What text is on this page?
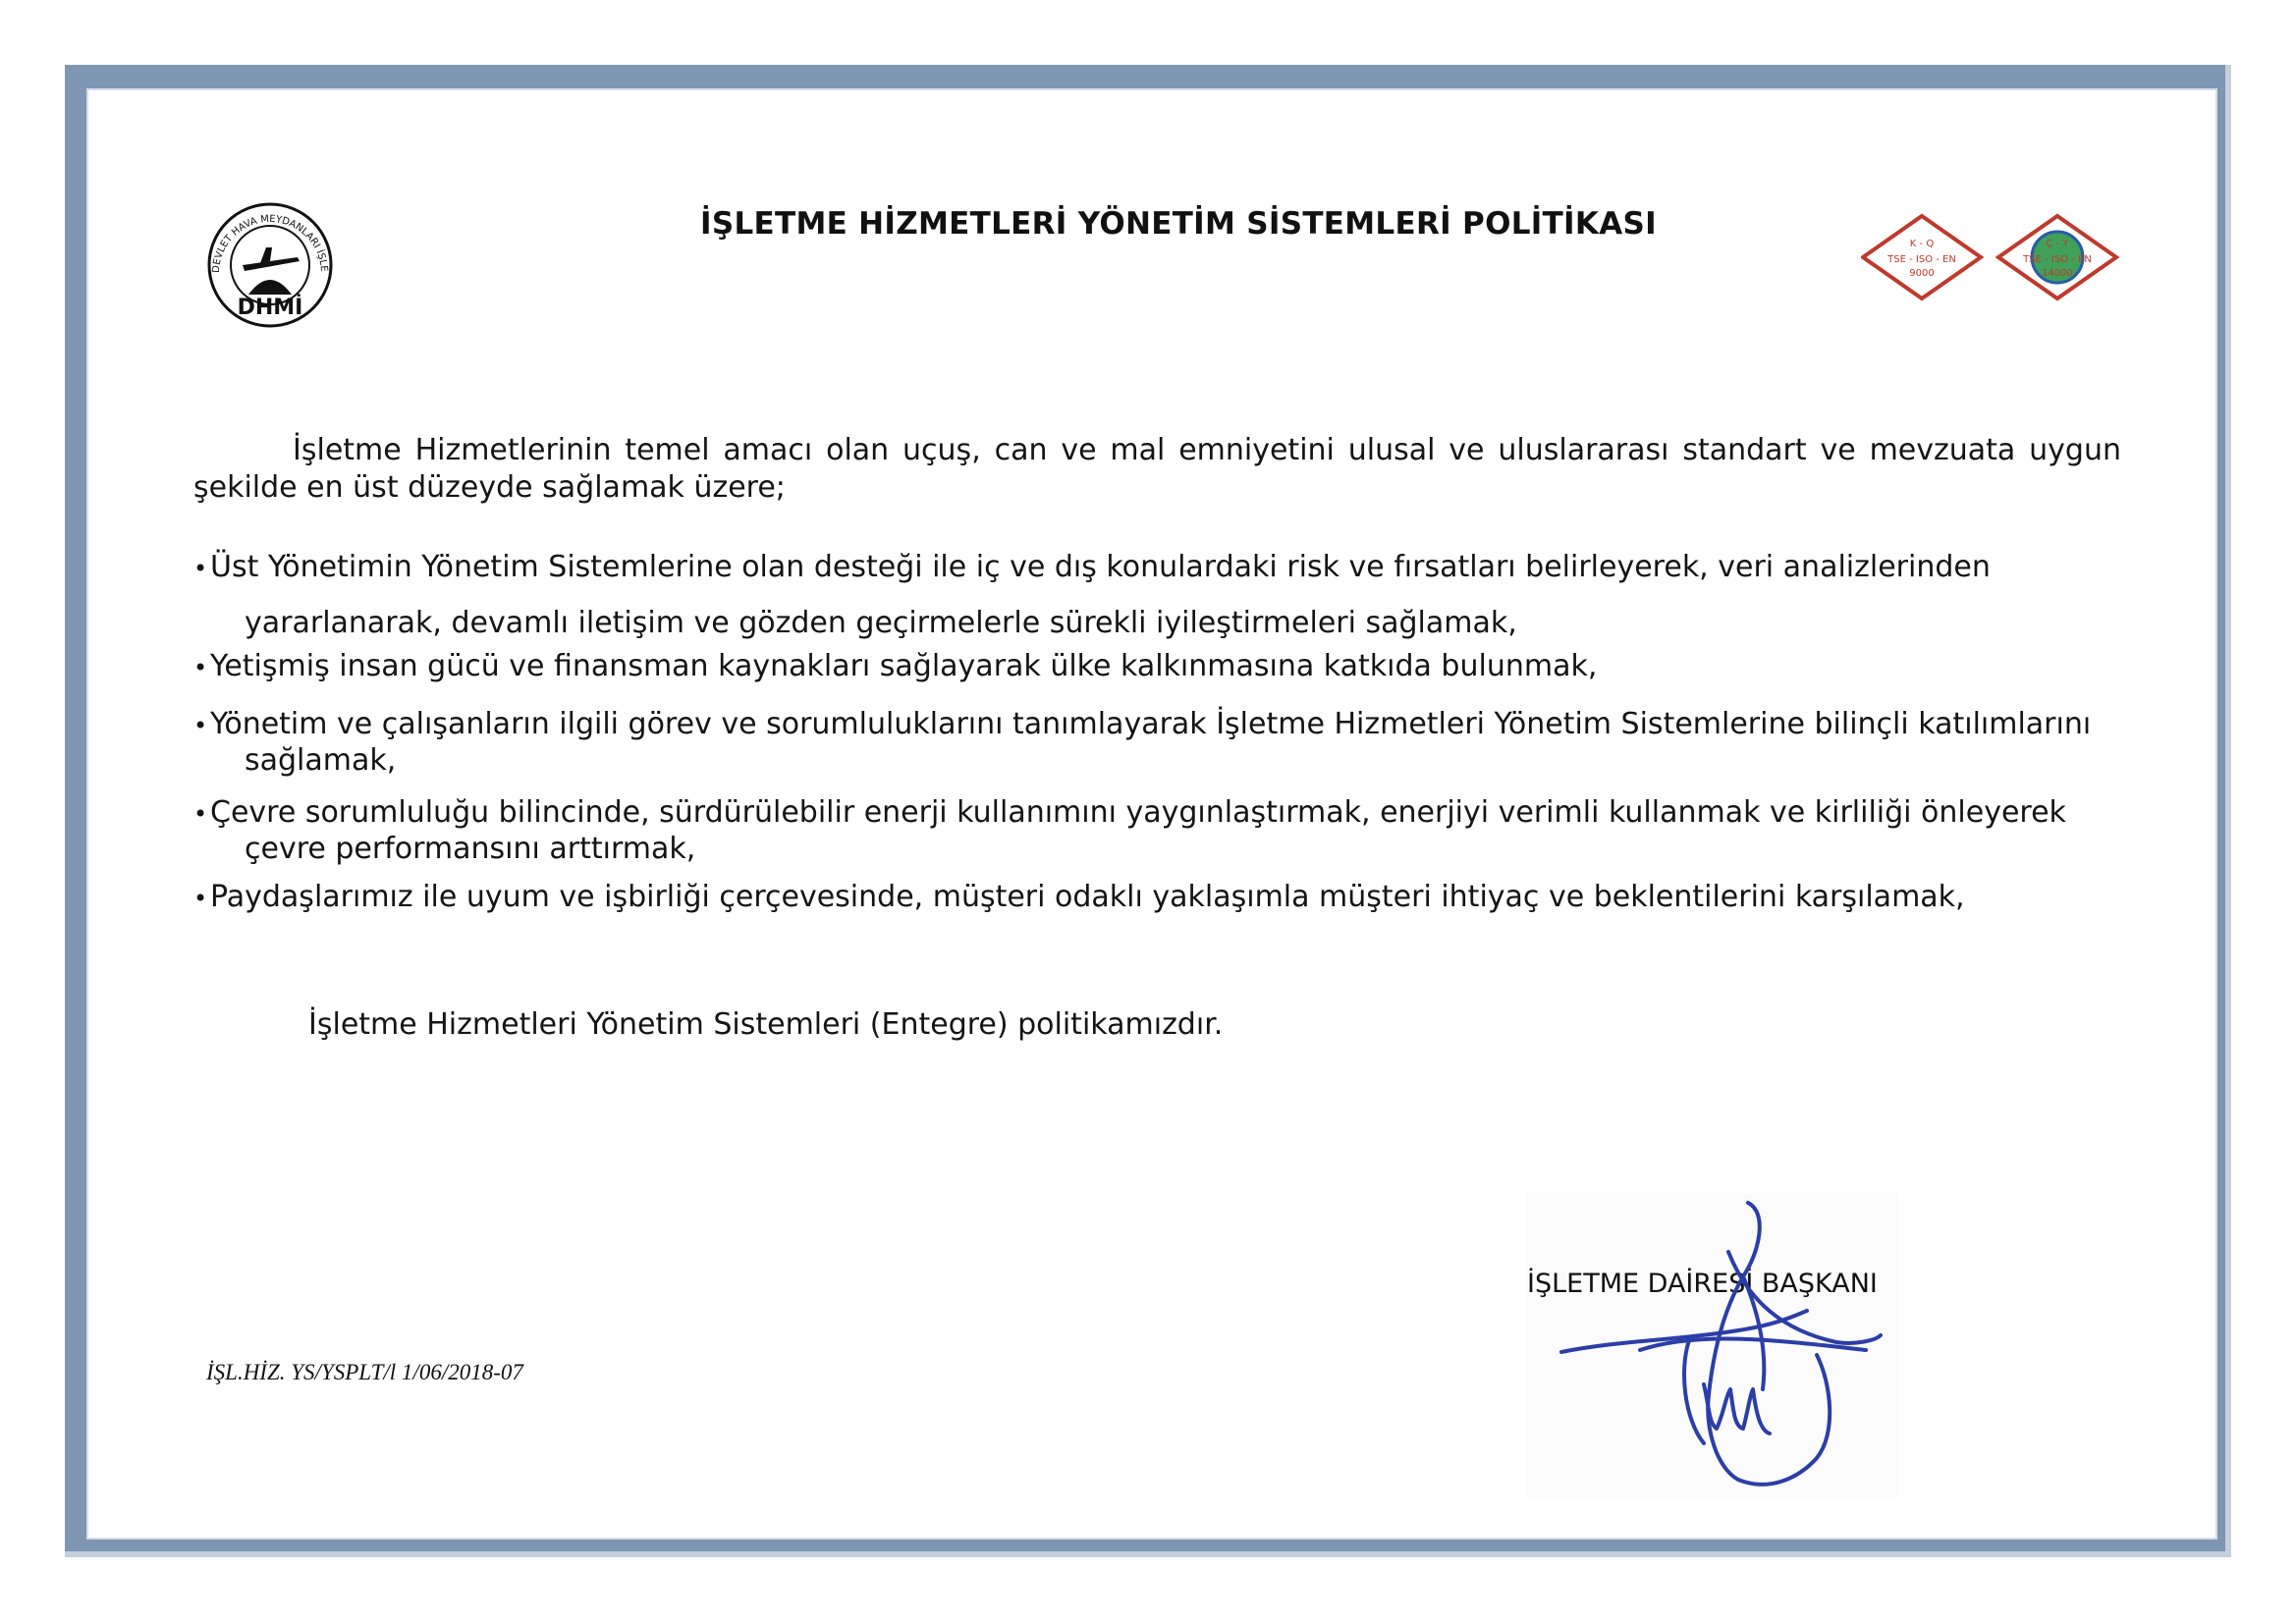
DEVLET HAVA MEYDANLARI İŞLE
DHMİ
İŞLETME HİZMETLERİ YÖNETİM SİSTEMLERİ POLİTİKASI
K - Q
TSE - ISO - EN
9000
Ç - Y
TSE - ISO - EN
14000
İşletme Hizmetlerinin temel amacı olan uçuş, can ve mal emniyetini ulusal ve uluslararası standart ve mevzuata uygun şekilde en üst düzeyde sağlamak üzere;
•Üst Yönetimin Yönetim Sistemlerine olan desteği ile iç ve dış konulardaki risk ve fırsatları belirleyerek, veri analizlerinden yararlanarak, devamlı iletişim ve gözden geçirmelerle sürekli iyileştirmeleri sağlamak,
•Yetişmiş insan gücü ve finansman kaynakları sağlayarak ülke kalkınmasına katkıda bulunmak,
•Yönetim ve çalışanların ilgili görev ve sorumluluklarını tanımlayarak İşletme Hizmetleri Yönetim Sistemlerine bilinçli katılımlarını sağlamak,
•Çevre sorumluluğu bilincinde, sürdürülebilir enerji kullanımını yaygınlaştırmak, enerjiyi verimli kullanmak ve kirliliği önleyerek çevre performansını arttırmak,
•Paydaşlarımız ile uyum ve işbirliği çerçevesinde, müşteri odaklı yaklaşımla müşteri ihtiyaç ve beklentilerini karşılamak,
İşletme Hizmetleri Yönetim Sistemleri (Entegre) politikamızdır.
İŞLETME DAİRESİ BAŞKANI
İŞL.HİZ. YS/YSPLT/l 1/06/2018-07
